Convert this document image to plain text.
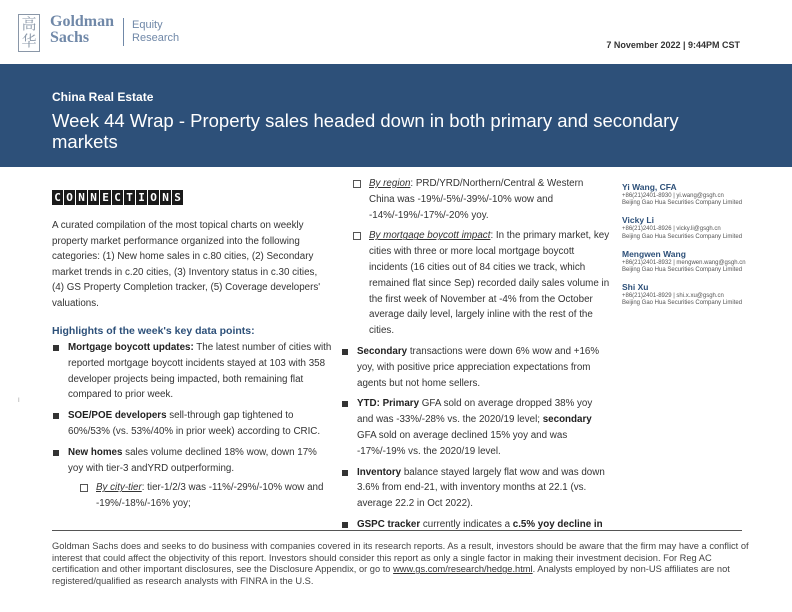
高华
Goldman
Sachs
Equity
Research
7 November 2022 | 9:44PM CST
China Real Estate
Week 44 Wrap - Property sales headed down in both primary and secondary markets
C O N N E C T I O N S

A curated compilation of the most topical charts on weekly property market performance organized into the following categories: (1) New home sales in c.80 cities, (2) Secondary market trends in c.20 cities, (3) Inventory status in c.30 cities, (4) GS Property Completion tracker, (5) Coverage developers' valuations.

Highlights of the week's key data points:
Mortgage boycott updates: The latest number of cities with reported mortgage boycott incidents stayed at 103 with 358 developer projects being impacted, both remaining flat compared to prior week.
SOE/POE developers sell-through gap tightened to 60%/53% (vs. 53%/40% in prior week) according to CRIC.
New homes sales volume declined 18% wow, down 17% yoy with tier-3 andYRD outperforming.
By city-tier: tier-1/2/3 was -11%/-29%/-10% wow and -19%/-18%/-16% yoy;
By region: PRD/YRD/Northern/Central & Western China was -19%/-5%/-39%/-10% wow and -14%/-19%/-17%/-20% yoy.
By mortgage boycott impact: In the primary market, key cities with three or more local mortgage boycott incidents (16 cities out of 84 cities we track, which remained flat since Sep) recorded daily sales volume in the first week of November at -4% from the October average daily level, largely inline with the rest of the cities.
Secondary transactions were down 6% wow and +16% yoy, with positive price appreciation expectations from agents but not home sellers.
YTD: Primary GFA sold on average dropped 38% yoy and was -33%/-28% vs. the 2020/19 level; secondary GFA sold on average declined 15% yoy and was -17%/-19% vs. the 2020/19 level.
Inventory balance stayed largely flat wow and was down 3.6% from end-21, with inventory months at 22.1 (vs. average 22.2 in Oct 2022).
GSPC tracker currently indicates a c.5% yoy decline in
Yi Wang, CFA
+86(21)2401-8930 | yi.wang@gsgh.cn
Beijing Gao Hua Securities Company Limited
Vicky Li
+86(21)2401-8926 | vicky.li@gsgh.cn
Beijing Gao Hua Securities Company Limited
Mengwen Wang
+86(21)2401-8932 | mengwen.wang@gsgh.cn
Beijing Gao Hua Securities Company Limited
Shi Xu
+86(21)2401-8929 | shi.x.xu@gsgh.cn
Beijing Gao Hua Securities Company Limited
I

Goldman Sachs does and seeks to do business with companies covered in its research reports. As a result, investors should be aware that the firm may have a conflict of interest that could affect the objectivity of this report. Investors should consider this report as only a single factor in making their investment decision. For Reg AC certification and other important disclosures, see the Disclosure Appendix, or go to www.gs.com/research/hedge.html. Analysts employed by non-US affiliates are not registered/qualified as research analysts with FINRA in the U.S.
